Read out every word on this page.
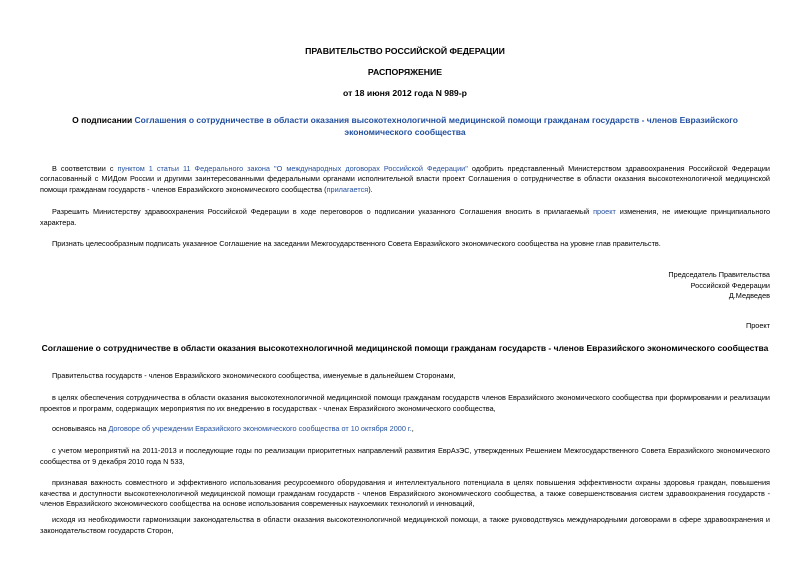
ПРАВИТЕЛЬСТВО РОССИЙСКОЙ ФЕДЕРАЦИИ

РАСПОРЯЖЕНИЕ

от 18 июня 2012 года N 989-р

О подписании Соглашения о сотрудничестве в области оказания высокотехнологичной медицинской помощи гражданам государств - членов Евразийского экономического сообщества

В соответствии с пунктом 1 статьи 11 Федерального закона "О международных договорах Российской Федерации" одобрить представленный Министерством здравоохранения Российской Федерации согласованный с МИДом России и другими заинтересованными федеральными органами исполнительной власти проект Соглашения о сотрудничестве в области оказания высокотехнологичной медицинской помощи гражданам государств - членов Евразийского экономического сообщества (прилагается).

Разрешить Министерству здравоохранения Российской Федерации в ходе переговоров о подписании указанного Соглашения вносить в прилагаемый проект изменения, не имеющие принципиального характера.

Признать целесообразным подписать указанное Соглашение на заседании Межгосударственного Совета Евразийского экономического сообщества на уровне глав правительств.

Председатель Правительства
Российской Федерации
Д.Медведев

Проект

Соглашение о сотрудничестве в области оказания высокотехнологичной медицинской помощи гражданам государств - членов Евразийского экономического сообщества

Правительства государств - членов Евразийского экономического сообщества, именуемые в дальнейшем Сторонами,

в целях обеспечения сотрудничества в области оказания высокотехнологичной медицинской помощи гражданам государств членов Евразийского экономического сообщества при формировании и реализации проектов и программ, содержащих мероприятия по их внедрению в государствах - членах Евразийского экономического сообщества,

основываясь на Договоре об учреждении Евразийского экономического сообщества от 10 октября 2000 г.,

с учетом мероприятий на 2011-2013 и последующие годы по реализации приоритетных направлений развития ЕврАзЭС, утвержденных Решением Межгосударственного Совета Евразийского экономического сообщества от 9 декабря 2010 года N 533,

признавая важность совместного и эффективного использования ресурсоемкого оборудования и интеллектуального потенциала в целях повышения эффективности охраны здоровья граждан, повышения качества и доступности высокотехнологичной медицинской помощи гражданам государств - членов Евразийского экономического сообщества, а также совершенствования систем здравоохранения государств - членов Евразийского экономического сообщества на основе использования современных наукоемких технологий и инноваций,

исходя из необходимости гармонизации законодательства в области оказания высокотехнологичной медицинской помощи, а также руководствуясь международными договорами в сфере здравоохранения и законодательством государств Сторон,
